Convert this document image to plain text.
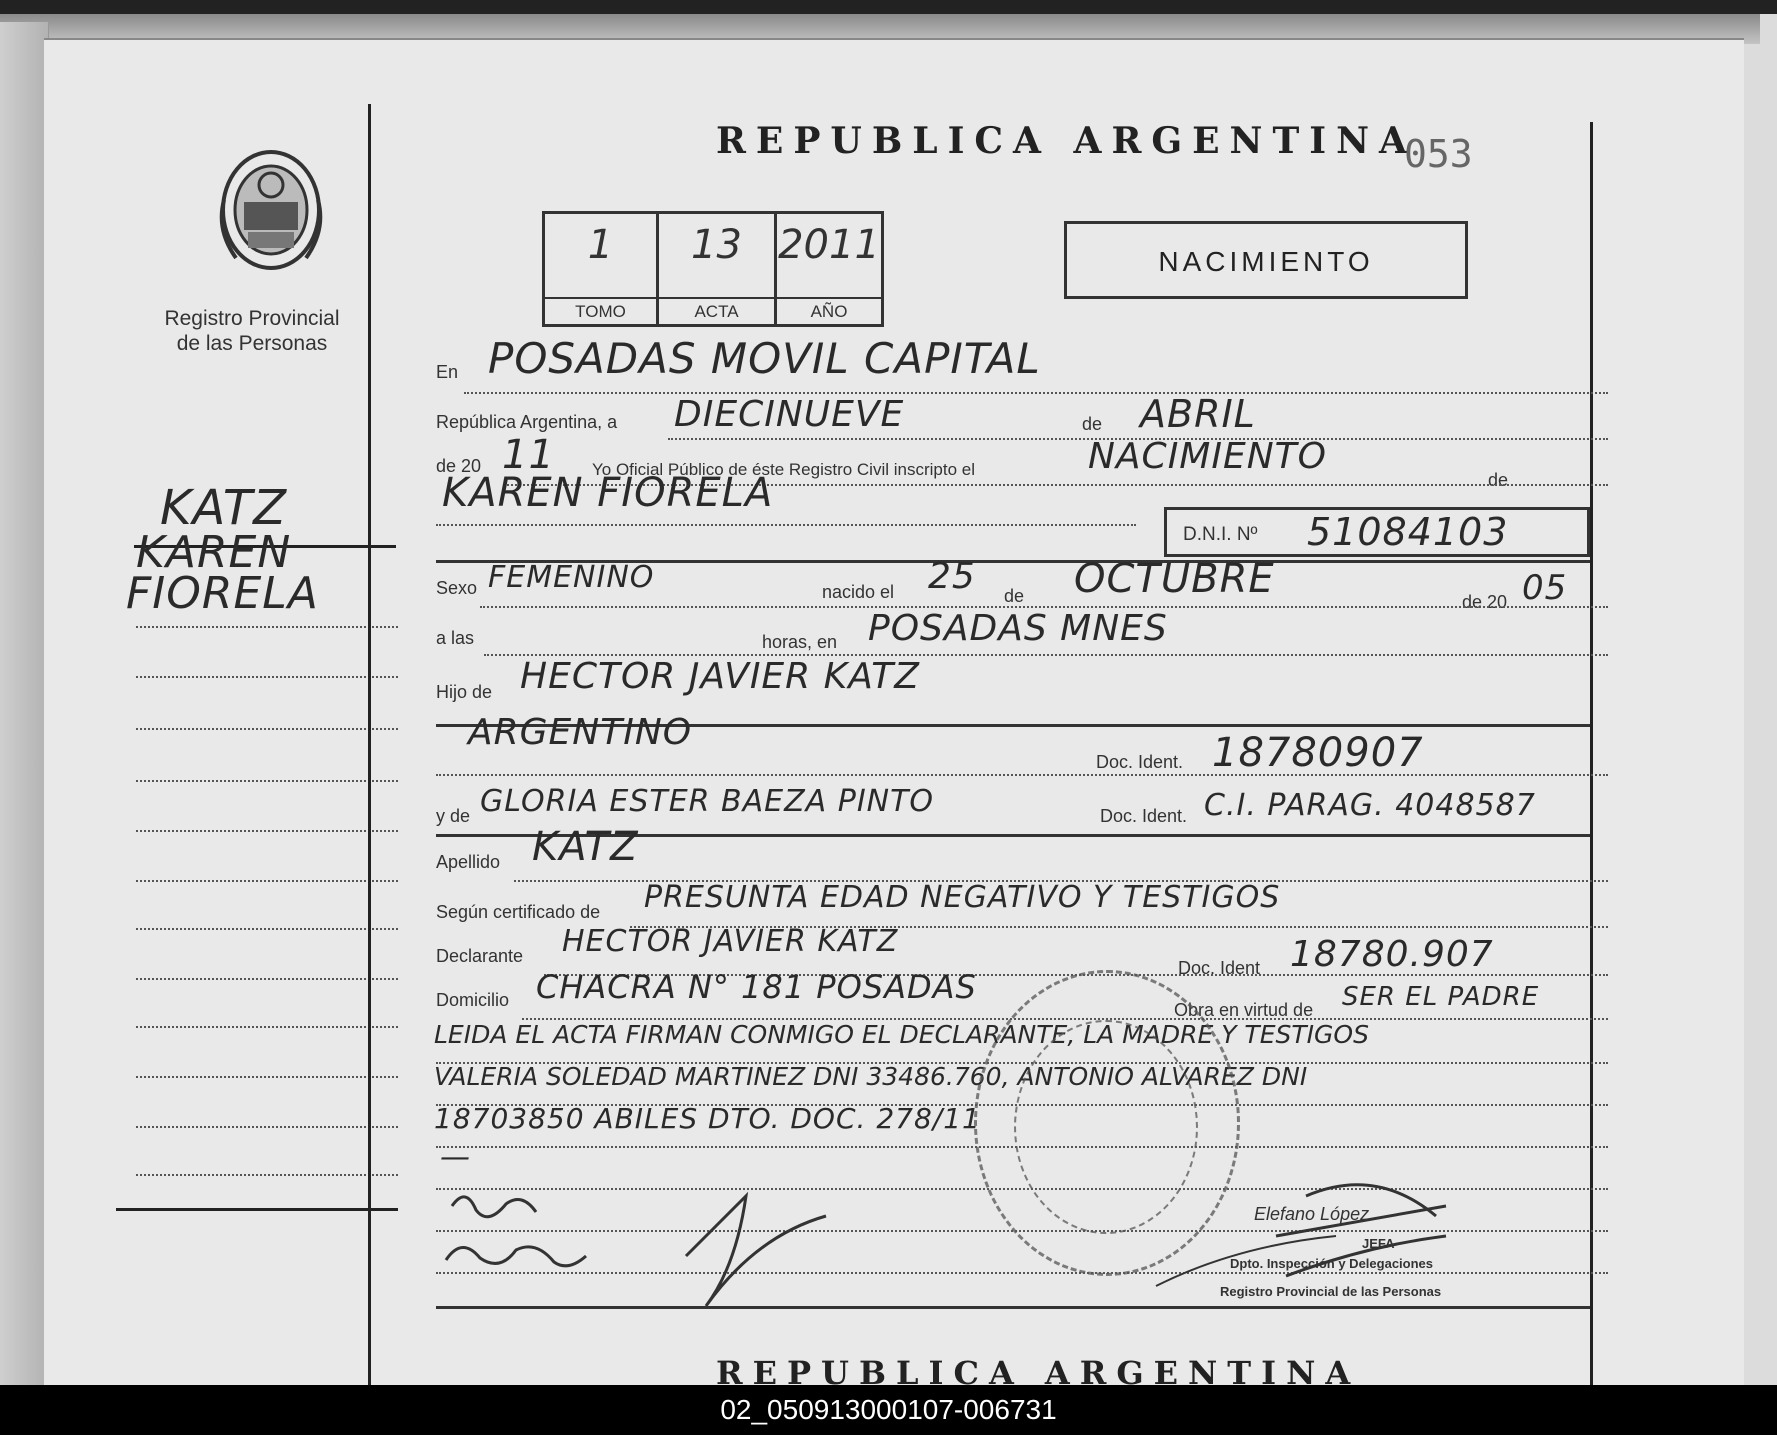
Registro Provincial de las Personas
KATZ
KAREN
FIORELA
REPUBLICA ARGENTINA
053
1
TOMO
13
ACTA
2011
AÑO
NACIMIENTO
En POSADAS MOVIL CAPITAL
República Argentina, a DIECINUEVE	de ABRIL
de 20 11 Yo Oficial Público de éste Registro Civil inscripto el	NACIMIENTO
de
KAREN FIORELA
D.N.I. Nº 51084103
Sexo FEMENINO	nacido el 25 de OCTUBRE	de 20 05
a las	horas, en POSADAS MNES
Hijo de HECTOR JAVIER KATZ
ARGENTINO
Doc. Ident. 18780907
y de GLORIA ESTER BAEZA PINTO	Doc. Ident. C.I. PARAG. 4048587
Apellido KATZ
Según certificado de PRESUNTA EDAD NEGATIVO Y TESTIGOS
Declarante HECTOR JAVIER KATZ
Doc. Ident 18780.907
Domicilio CHACRA N° 181 POSADAS
Obra en virtud de SER EL PADRE
LEIDA EL ACTA FIRMAN CONMIGO EL DECLARANTE, LA MADRE Y TESTIGOS
VALERIA SOLEDAD MARTINEZ DNI 33486.760, ANTONIO ALVAREZ DNI
18703850 ABILES DTO. DOC. 278/11
—
Elefano López
JEFA
Dpto. Inspección y Delegaciones
Registro Provincial de las Personas
REPUBLICA ARGENTINA
02_050913000107-006731
